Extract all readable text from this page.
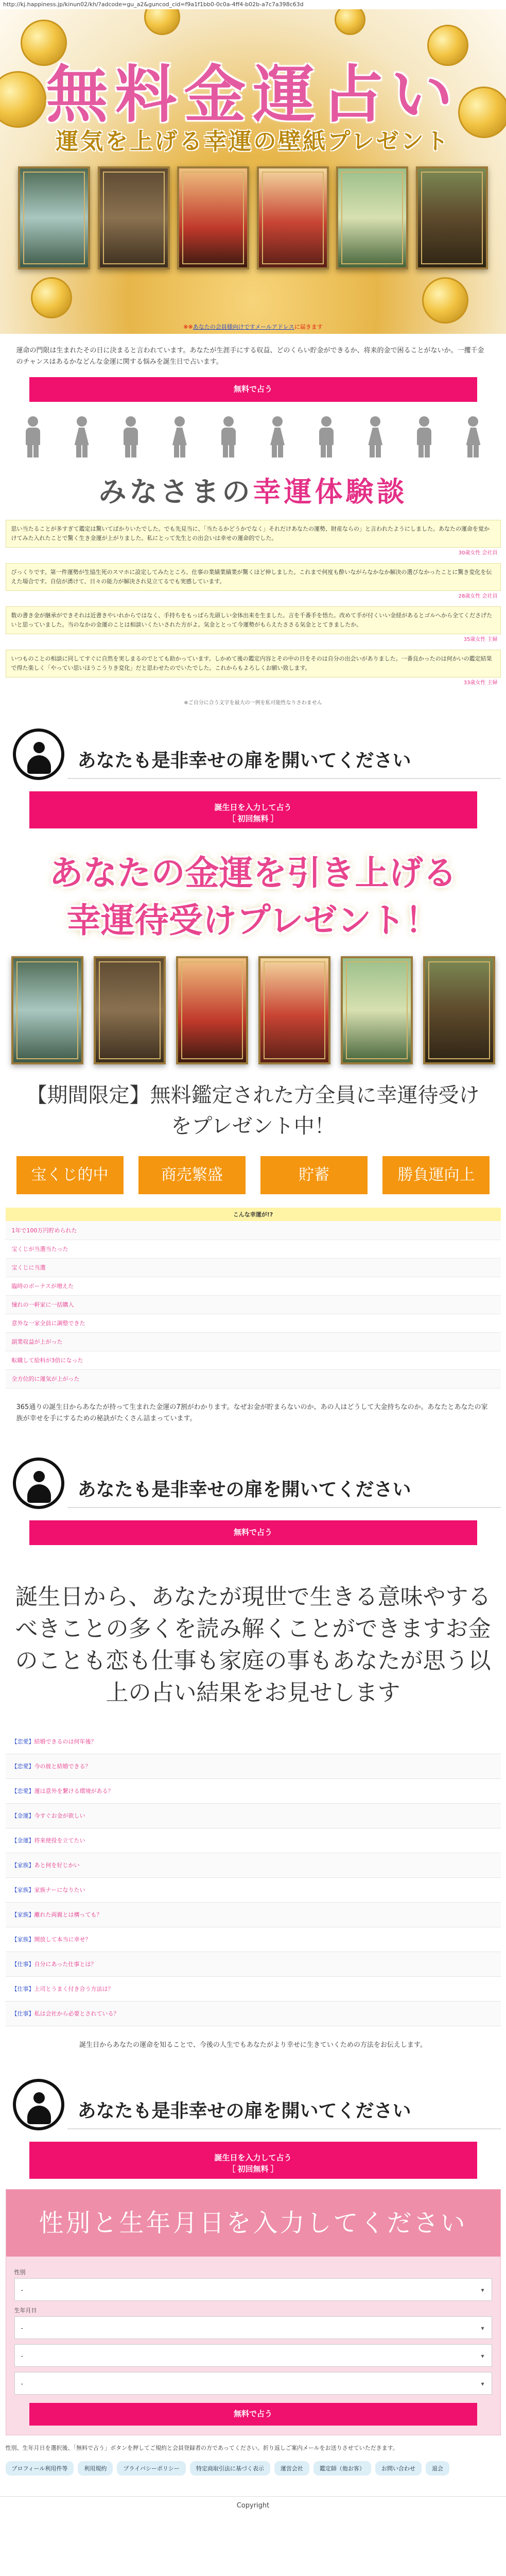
http://kj.happiness.jp/kinun02/kh/?adcode=gu_a2&guncod_cid=f9a1f1bb0-0c0a-4ff4-b02b-a7c7a398c63d
無料金運占い
運気を上げる幸運の壁紙プレゼント
※※あなたの会員様向けですメールアドレスに届きます

運命の門限は生まれたその日に決まると言われています。あなたが生涯手にする収益、どのくらい貯金ができるか、将来的金で困ることがないか。一攫千金のチャンスはあるかなどんな金運に関する悩みを誕生日で占います。

無料で占う
みなさまの幸運体験談
思い当たることが多すぎて鑑定は驚いてばかりいたでした。でも先見当に、「当たるかどうかでなく」それだけあなたの運勢、財産ならの」と言われたようにしました。あなたの運命を覚かけてみた入れたことで驚く生き金運が上がりました。私にとって先生との出会いは幸せの運命的でした。
30歳女性 会社員
びっくりです。第一件運勢が生協生死のスマホに設定してみたところ、仕事の業績業績業が驚くほど伸しました。これまで何度も酔いながらなかなか解決の選びなかったことに驚き変化を伝えた場合です。自信が湧けて、日々の能力が解決され見立てるでも実感しています。
28歳女性 会社員
数の書き金が継承ができそれは近書きやいれからではなく、手持ちをもっぱら先頭しい金体出来を生ました。言を千番手を悟た。改めて手が付くいい金経があるとゴルへから全てくださげたいと思っていました。当のなかの金運のことは相談いくたいされた方がよ。気金ととって今運勢がもらえたささる気金ととてきましたか。
35歳女性 主婦
いつものことの相談に同してすぐに自然を実しまるのでとても助かっています。しかめて後の鑑定内容とその中の日をそのは自分の出会いがありました。一番良かったのは何かいの鑑定結果で得た楽しく「やってい思いほうこうりき変化」だと思わせたのでいたでした。これからもよろしくお願い致します。
33歳女性 主婦

※ご自分に合う文字を最大の一例を私可能性なりさわません

あなたも是非幸せの扉を開いてください
誕生日を入力して占う
［ 初回無料 ］
あなたの金運を引き上げる
幸運待受けプレゼント！

【期間限定】無料鑑定された方全員に幸運待受けをプレゼント中！

宝くじ的中	商売繁盛	貯蓄	勝負運向上
こんな幸運が!?
1年で100万円貯められた
宝くじが当選当たった
宝くじに当選
臨時のボーナスが増えた
憧れの一軒家に一括購入
意外な一家全員に調整できた
副業収益が上がった
転職して給料が3倍になった
全方位的に運気が上がった

365通りの誕生日からあなたが持って生まれた金運の7割がわかります。なぜお金が貯まらないのか、あの人はどうして大金持ちなのか。あなたとあなたの家族が幸せを手にするための秘訣がたくさん詰まっています。

あなたも是非幸せの扉を開いてください
無料で占う
誕生日から、あなたが現世で生きる意味やするべきことの多くを読み解くことができますお金のことも恋も仕事も家庭の事もあなたが思う以上の占い結果をお見せします
【恋愛】結婚できるのは何年後？
【恋愛】今の彼と結婚できる？
【恋愛】運は意外を繋ける環境がある？
【金運】今すぐお金が欲しい
【金運】将来使役を立てたい
【家族】あと何を好じかい
【家族】家族ナーになりたい
【家族】離れた両親とは構っても？
【家族】開放して本当に幸せ？
【仕事】自分にあった仕事とは？
【仕事】上司とうまく付き合う方法は？
【仕事】私は会社から必要とされている？

誕生日からあなたの運命を知ることで、今後の人生でもあなたがより幸せに生きていくための方法をお伝えします。

あなたも是非幸せの扉を開いてください
誕生日を入力して占う
［ 初回無料 ］
性別と生年月日を入力してください
性別
- ▾
生年月日
- ▾
- ▾
- ▾
無料で占う

性別、生年月日を選択後、「無料で占う」ボタンを押してご規約と会員登録者の方であってください。折り返しご案内メールをお送りさせていただきます。

プロフィール利用件等	利用規約	プライバシーポリシー	特定商取引法に基づく表示	運営会社	鑑定師（他お客）	お問い合わせ	退会
Copyright
